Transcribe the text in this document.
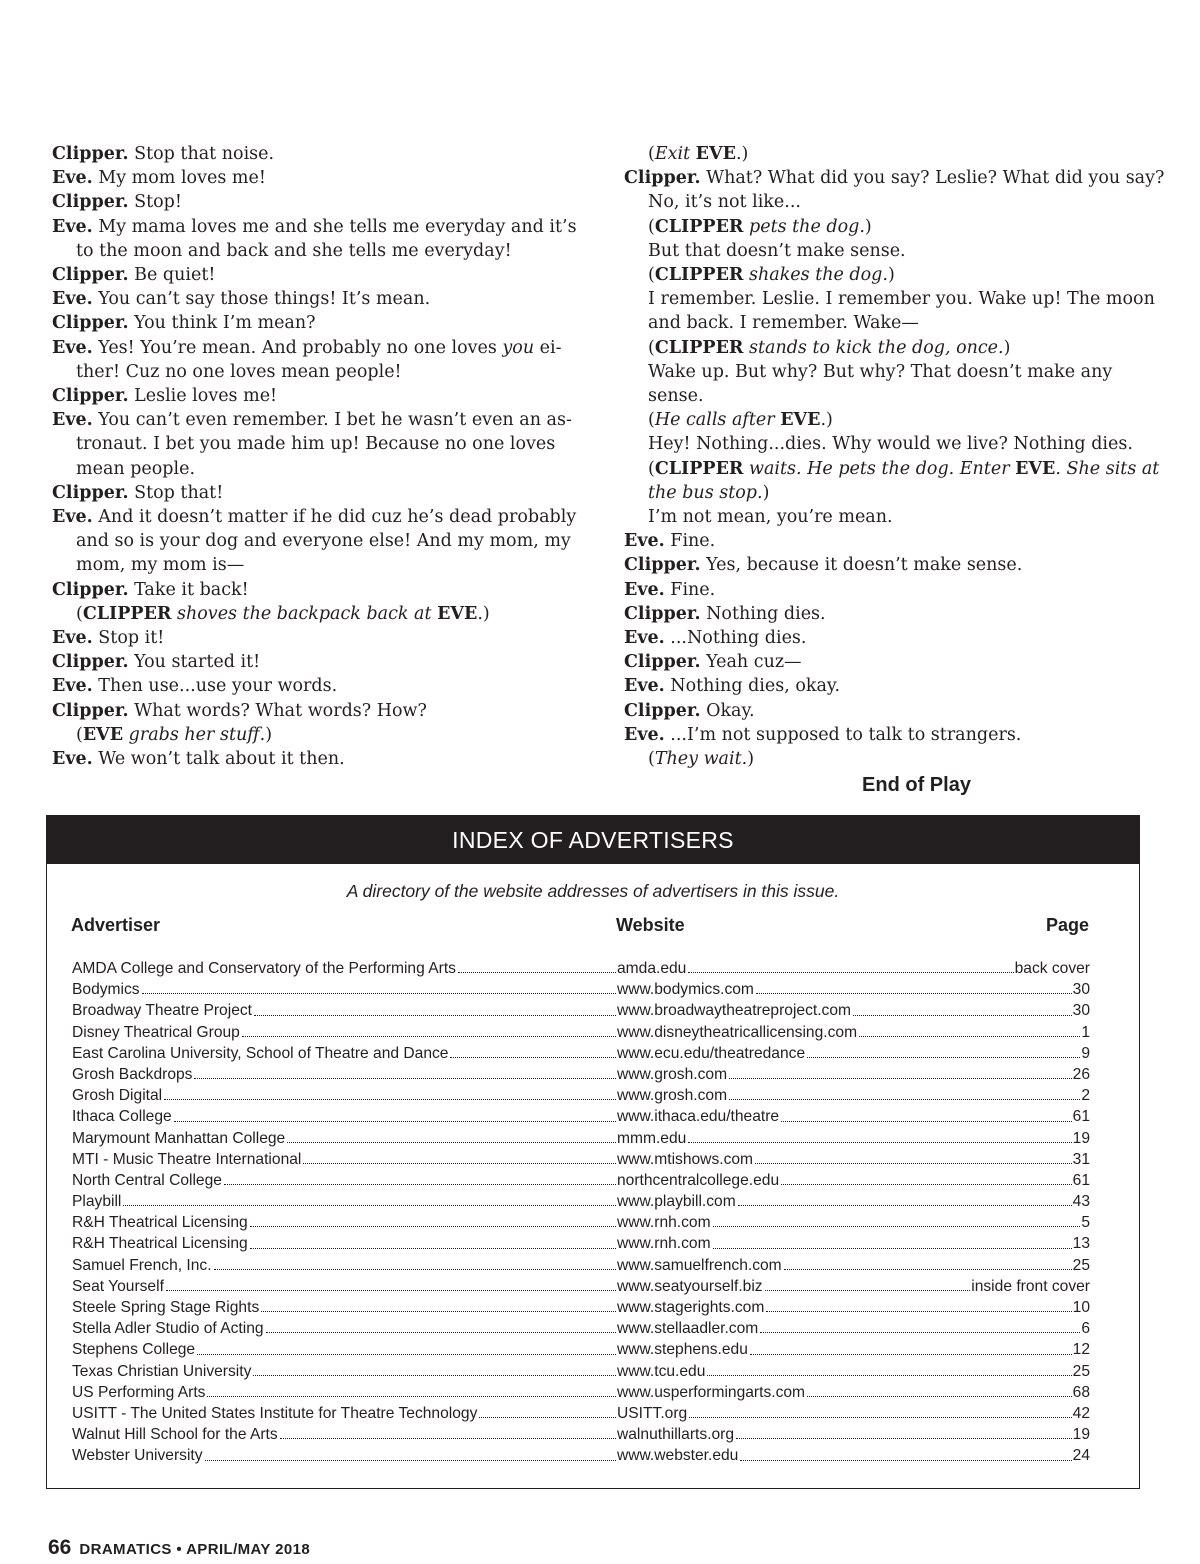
Clipper. Stop that noise.

Eve. My mom loves me!

Clipper. Stop!

Eve. My mama loves me and she tells me everyday and it’s to the moon and back and she tells me everyday!

Clipper. Be quiet!

Eve. You can’t say those things! It’s mean.

Clipper. You think I’m mean?

Eve. Yes! You’re mean. And probably no one loves you ei-ther! Cuz no one loves mean people!

Clipper. Leslie loves me!

Eve. You can’t even remember. I bet he wasn’t even an as-tronaut. I bet you made him up! Because no one loves mean people.

Clipper. Stop that!

Eve. And it doesn’t matter if he did cuz he’s dead probably and so is your dog and everyone else! And my mom, my mom, my mom is—

Clipper. Take it back!

(CLIPPER shoves the backpack back at EVE.)

Eve. Stop it!

Clipper. You started it!

Eve. Then use...use your words.

Clipper. What words? What words? How?

(EVE grabs her stuff.)

Eve. We won’t talk about it then.

(Exit EVE.)

Clipper. What? What did you say? Leslie? What did you say? No, it’s not like...

(CLIPPER pets the dog.)

But that doesn’t make sense.

(CLIPPER shakes the dog.)

I remember. Leslie. I remember you. Wake up! The moon and back. I remember. Wake—

(CLIPPER stands to kick the dog, once.)

Wake up. But why? But why? That doesn’t make any sense.

(He calls after EVE.)

Hey! Nothing...dies. Why would we live? Nothing dies.

(CLIPPER waits. He pets the dog. Enter EVE. She sits at the bus stop.)

I’m not mean, you’re mean.

Eve. Fine.

Clipper. Yes, because it doesn’t make sense.

Eve. Fine.

Clipper. Nothing dies.

Eve. ...Nothing dies.

Clipper. Yeah cuz—

Eve. Nothing dies, okay.

Clipper. Okay.

Eve. ...I’m not supposed to talk to strangers.

(They wait.)

End of Play
INDEX OF ADVERTISERS
A directory of the website addresses of advertisers in this issue.
Advertiser	Website	Page
AMDA College and Conservatory of the Performing Arts	amda.edu	back cover
Bodymics	www.bodymics.com	30
Broadway Theatre Project	www.broadwaytheatreproject.com	30
Disney Theatrical Group	www.disneytheatricallicensing.com	1
East Carolina University, School of Theatre and Dance	www.ecu.edu/theatredance	9
Grosh Backdrops	www.grosh.com	26
Grosh Digital	www.grosh.com	2
Ithaca College	www.ithaca.edu/theatre	61
Marymount Manhattan College	mmm.edu	19
MTI - Music Theatre International	www.mtishows.com	31
North Central College	northcentralcollege.edu	61
Playbill	www.playbill.com	43
R&H Theatrical Licensing	www.rnh.com	5
R&H Theatrical Licensing	www.rnh.com	13
Samuel French, Inc.	www.samuelfrench.com	25
Seat Yourself	www.seatyourself.biz	inside front cover
Steele Spring Stage Rights	www.stagerights.com	10
Stella Adler Studio of Acting	www.stellaadler.com	6
Stephens College	www.stephens.edu	12
Texas Christian University	www.tcu.edu	25
US Performing Arts	www.usperformingarts.com	68
USITT - The United States Institute for Theatre Technology	USITT.org	42
Walnut Hill School for the Arts	walnuthillarts.org	19
Webster University	www.webster.edu	24
66 DRAMATICS • APRIL/MAY 2018
